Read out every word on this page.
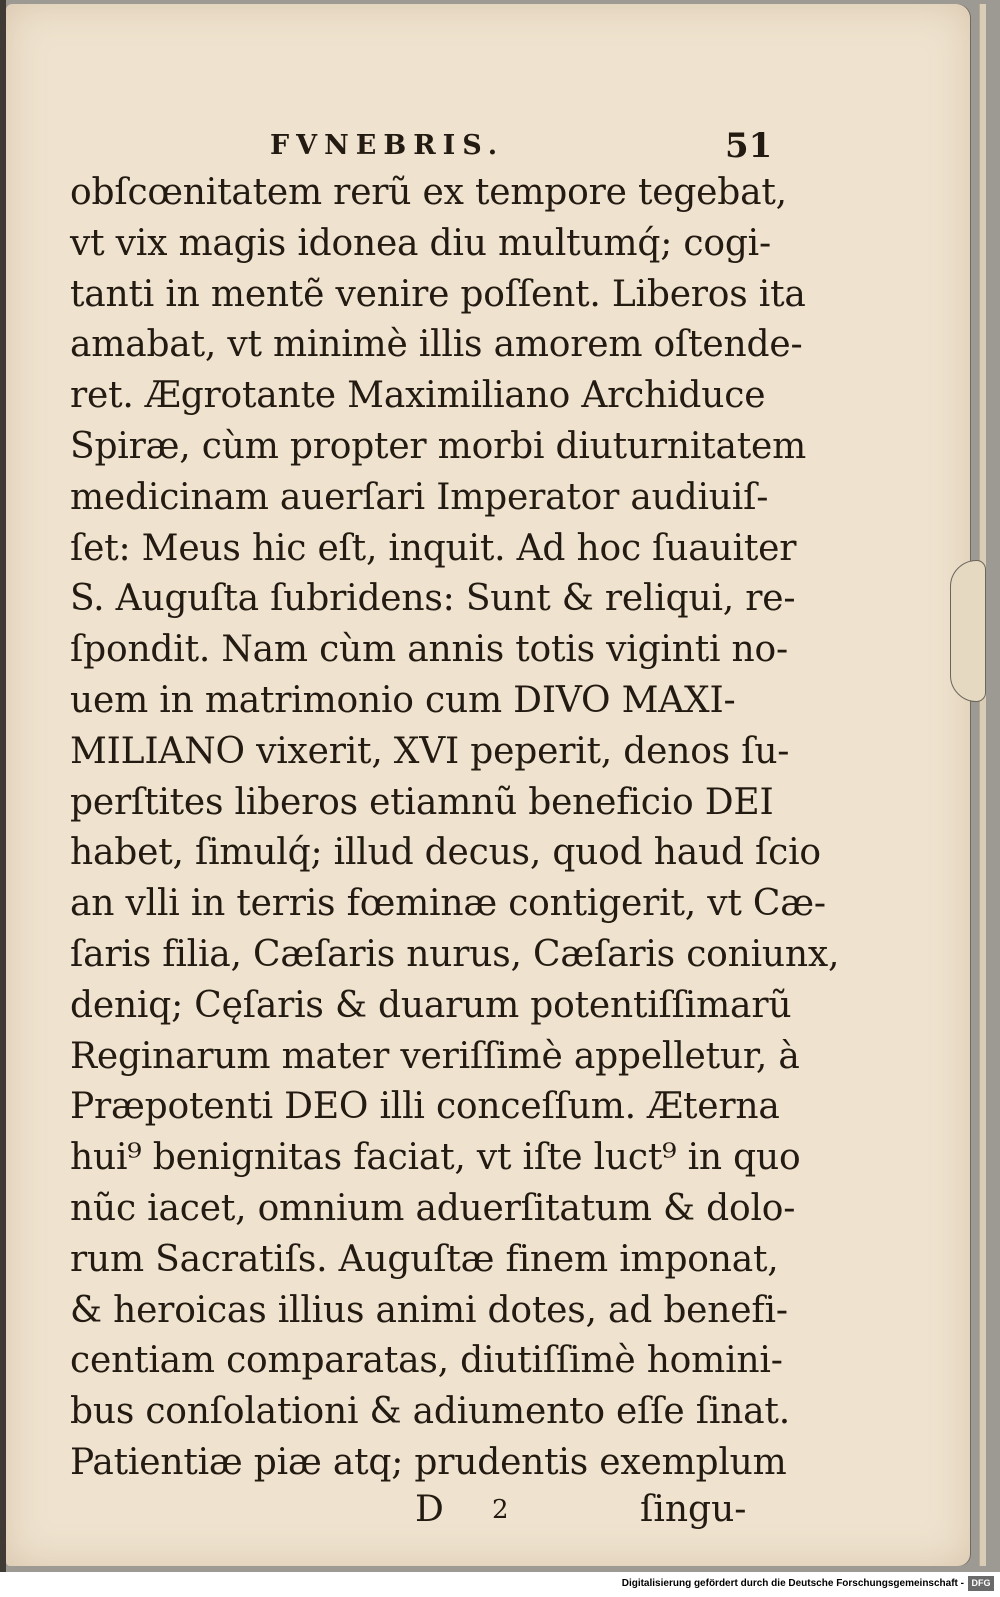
FVNEBRIS.	51
obſcœnitatem rerũ ex tempore tegebat,
vt vix magis idonea diu multumq́; cogi-
tanti in mentẽ venire poſſent. Liberos ita
amabat, vt minimè illis amorem oſtende-
ret. Ægrotante Maximiliano Archiduce
Spiræ, cùm propter morbi diuturnitatem
medicinam auerſari Imperator audiuiſ-
ſet: Meus hic eſt, inquit. Ad hoc ſuauiter
S. Auguſta ſubridens: Sunt & reliqui, re-
ſpondit. Nam cùm annis totis viginti no-
uem in matrimonio cum DIVO MAXI-
MILIANO vixerit, XVI peperit, denos ſu-
perſtites liberos etiamnũ beneficio DEI
habet, ſimulq́; illud decus, quod haud ſcio
an vlli in terris fœminæ contigerit, vt Cæ-
ſaris filia, Cæſaris nurus, Cæſaris coniunx,
deniq; Cęſaris & duarum potentiſſimarũ
Reginarum mater veriſſimè appelletur, à
Præpotenti DEO illi conceſſum. Æterna
hui⁹ benignitas faciat, vt iſte luct⁹ in quo
nũc iacet, omnium aduerſitatum & dolo-
rum Sacratiſs. Auguſtæ finem imponat,
& heroicas illius animi dotes, ad benefi-
centiam comparatas, diutiſſimè homini-
bus conſolationi & adiumento eſſe ſinat.
Patientiæ piæ atq; prudentis exemplum
D 2	ſingu-
Digitalisierung gefördert durch die Deutsche Forschungsgemeinschaft - DFG
